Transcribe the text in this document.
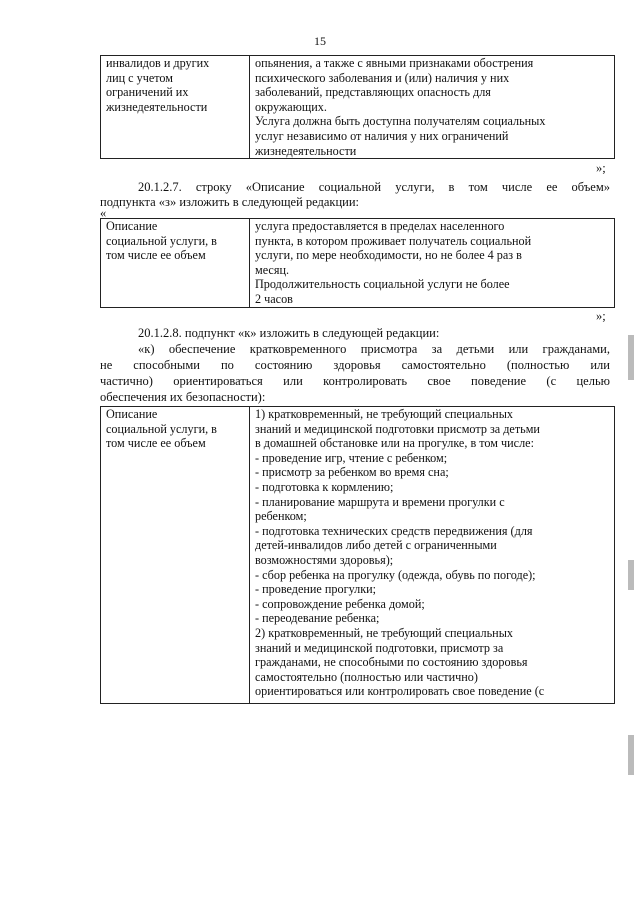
15
инвалидов и других
лиц с учетом
ограничений их
жизнедеятельности

опьянения, а также с явными признаками обострения
психического заболевания и (или) наличия у них
заболеваний, представляющих опасность для
окружающих.
Услуга должна быть доступна получателям социальных
услуг независимо от наличия у них ограничений
жизнедеятельности
»;
20.1.2.7. строку «Описание социальной услуги, в том числе ее объем»
подпункта «з» изложить в следующей редакции:
«
Описание
социальной услуги, в
том числе ее объем

услуга предоставляется в пределах населенного
пункта, в котором проживает получатель социальной
услуги, по мере необходимости, но не более 4 раз в
месяц.
Продолжительность социальной услуги не более
2 часов
»;
20.1.2.8. подпункт «к» изложить в следующей редакции:
«к) обеспечение кратковременного присмотра за детьми или гражданами,
не способными по состоянию здоровья самостоятельно (полностью или
частично) ориентироваться или контролировать свое поведение (с целью
обеспечения их безопасности):
Описание
социальной услуги, в
том числе ее объем

1) кратковременный, не требующий специальных
знаний и медицинской подготовки присмотр за детьми
в домашней обстановке или на прогулке, в том числе:
- проведение игр, чтение с ребенком;
- присмотр за ребенком во время сна;
- подготовка к кормлению;
- планирование маршрута и времени прогулки с
ребенком;
- подготовка технических средств передвижения (для
детей-инвалидов либо детей с ограниченными
возможностями здоровья);
- сбор ребенка на прогулку (одежда, обувь по погоде);
- проведение прогулки;
- сопровождение ребенка домой;
- переодевание ребенка;
2) кратковременный, не требующий специальных
знаний и медицинской подготовки, присмотр за
гражданами, не способными по состоянию здоровья
самостоятельно (полностью или частично)
ориентироваться или контролировать свое поведение (с
